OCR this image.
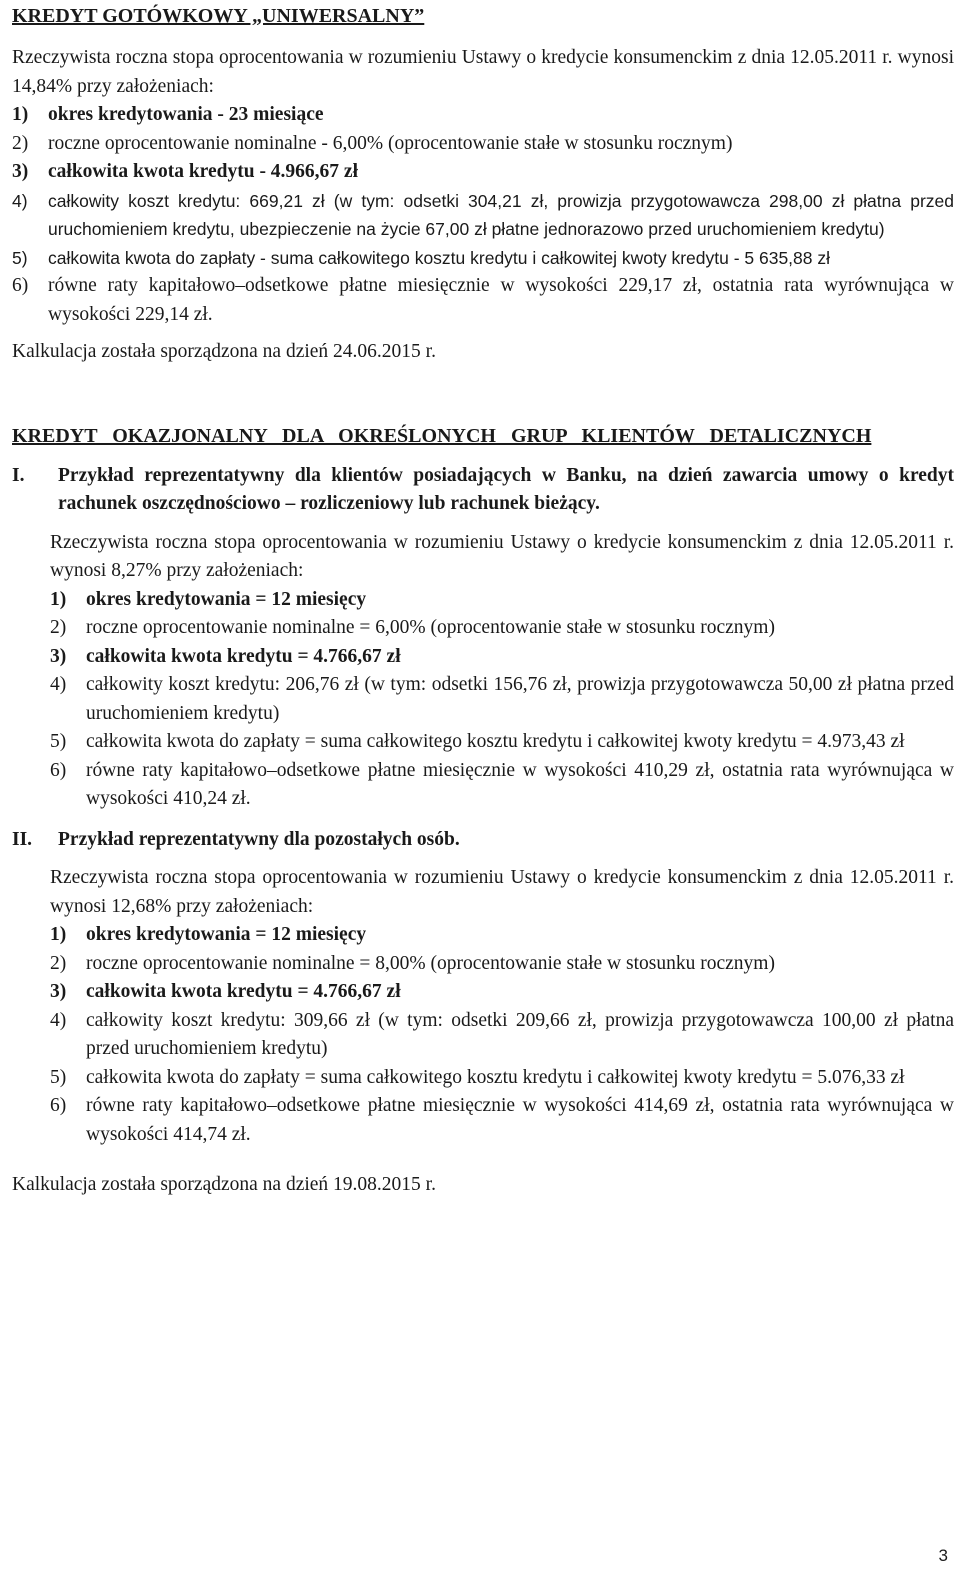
KREDYT GOTÓWKOWY „UNIWERSALNY”

Rzeczywista roczna stopa oprocentowania w rozumieniu Ustawy o kredycie konsumenckim z dnia 12.05.2011 r. wynosi 14,84% przy założeniach:

1) okres kredytowania - 23 miesiące
2) roczne oprocentowanie nominalne - 6,00% (oprocentowanie stałe w stosunku rocznym)
3) całkowita kwota kredytu - 4.966,67 zł
4) całkowity koszt kredytu: 669,21 zł (w tym: odsetki 304,21 zł, prowizja przygotowawcza 298,00 zł płatna przed uruchomieniem kredytu, ubezpieczenie na życie 67,00 zł płatne jednorazowo przed uruchomieniem kredytu)
5) całkowita kwota do zapłaty - suma całkowitego kosztu kredytu i całkowitej kwoty kredytu - 5 635,88 zł
6) równe raty kapitałowo–odsetkowe płatne miesięcznie w wysokości 229,17 zł, ostatnia rata wyrównująca w wysokości 229,14 zł.

Kalkulacja została sporządzona na dzień 24.06.2015 r.

KREDYT OKAZJONALNY DLA OKREŚLONYCH GRUP KLIENTÓW DETALICZNYCH
I. Przykład reprezentatywny dla klientów posiadających w Banku, na dzień zawarcia umowy o kredyt rachunek oszczędnościowo – rozliczeniowy lub rachunek bieżący.

Rzeczywista roczna stopa oprocentowania w rozumieniu Ustawy o kredycie konsumenckim z dnia 12.05.2011 r. wynosi 8,27% przy założeniach:

1) okres kredytowania = 12 miesięcy
2) roczne oprocentowanie nominalne = 6,00% (oprocentowanie stałe w stosunku rocznym)
3) całkowita kwota kredytu = 4.766,67 zł
4) całkowity koszt kredytu: 206,76 zł (w tym: odsetki 156,76 zł, prowizja przygotowawcza 50,00 zł płatna przed uruchomieniem kredytu)
5) całkowita kwota do zapłaty = suma całkowitego kosztu kredytu i całkowitej kwoty kredytu = 4.973,43 zł
6) równe raty kapitałowo–odsetkowe płatne miesięcznie w wysokości 410,29 zł, ostatnia rata wyrównująca w wysokości 410,24 zł.
II. Przykład reprezentatywny dla pozostałych osób.

Rzeczywista roczna stopa oprocentowania w rozumieniu Ustawy o kredycie konsumenckim z dnia 12.05.2011 r. wynosi 12,68% przy założeniach:

1) okres kredytowania = 12 miesięcy
2) roczne oprocentowanie nominalne = 8,00% (oprocentowanie stałe w stosunku rocznym)
3) całkowita kwota kredytu = 4.766,67 zł
4) całkowity koszt kredytu: 309,66 zł (w tym: odsetki 209,66 zł, prowizja przygotowawcza 100,00 zł płatna przed uruchomieniem kredytu)
5) całkowita kwota do zapłaty = suma całkowitego kosztu kredytu i całkowitej kwoty kredytu = 5.076,33 zł
6) równe raty kapitałowo–odsetkowe płatne miesięcznie w wysokości 414,69 zł, ostatnia rata wyrównująca w wysokości 414,74 zł.

Kalkulacja została sporządzona na dzień 19.08.2015 r.

3
